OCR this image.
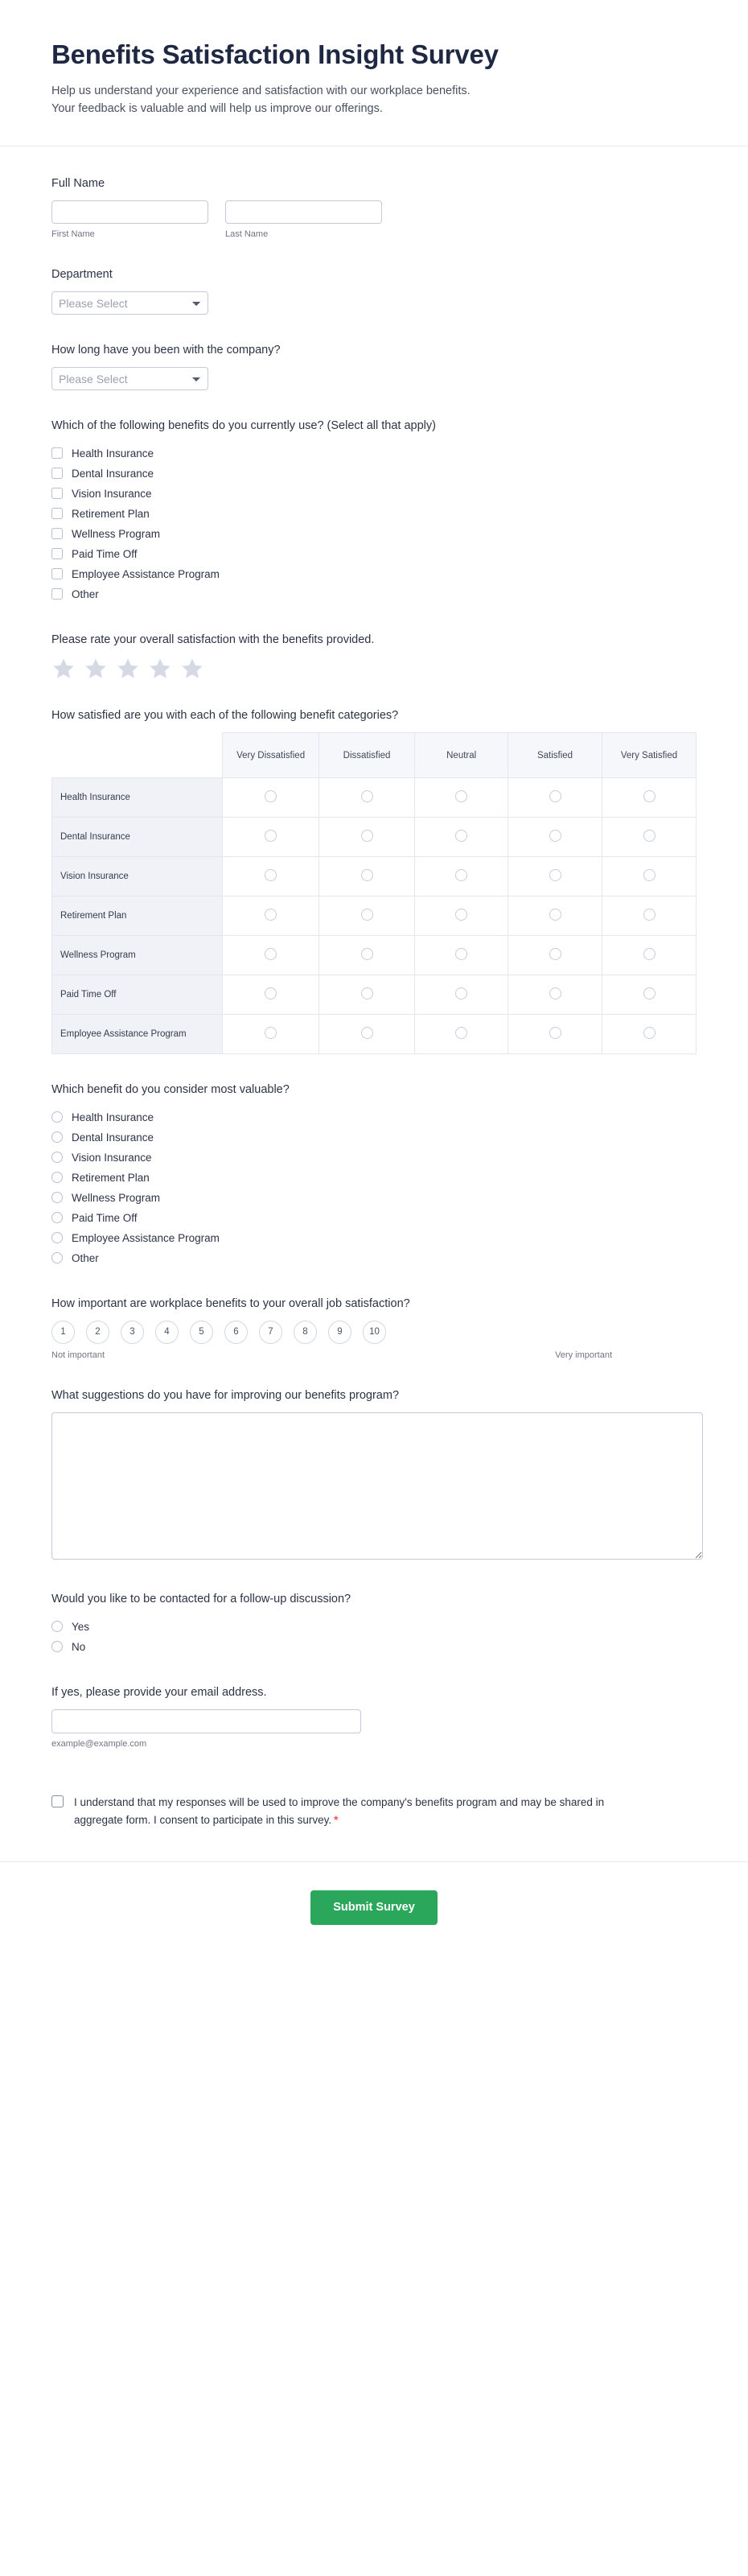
Benefits Satisfaction Insight Survey

Help us understand your experience and satisfaction with our workplace benefits.
Your feedback is valuable and will help us improve our offerings.

Full Name
First Name	Last Name
Department
Please Select
How long have you been with the company?
Please Select
Which of the following benefits do you currently use? (Select all that apply)
Health Insurance
Dental Insurance
Vision Insurance
Retirement Plan
Wellness Program
Paid Time Off
Employee Assistance Program
Other
Please rate your overall satisfaction with the benefits provided.
How satisfied are you with each of the following benefit categories?
	Very Dissatisfied	Dissatisfied	Neutral	Satisfied	Very Satisfied
Health Insurance					
Dental Insurance					
Vision Insurance					
Retirement Plan					
Wellness Program					
Paid Time Off					
Employee Assistance Program					
Which benefit do you consider most valuable?
Health Insurance
Dental Insurance
Vision Insurance
Retirement Plan
Wellness Program
Paid Time Off
Employee Assistance Program
Other
How important are workplace benefits to your overall job satisfaction?
1	2	3	4	5	6	7	8	9	10
Not important	Very important
What suggestions do you have for improving our benefits program?
Would you like to be contacted for a follow-up discussion?
Yes
No
If yes, please provide your email address.
example@example.com
I understand that my responses will be used to improve the company's benefits program and may be shared in aggregate form. I consent to participate in this survey. *
Submit Survey
